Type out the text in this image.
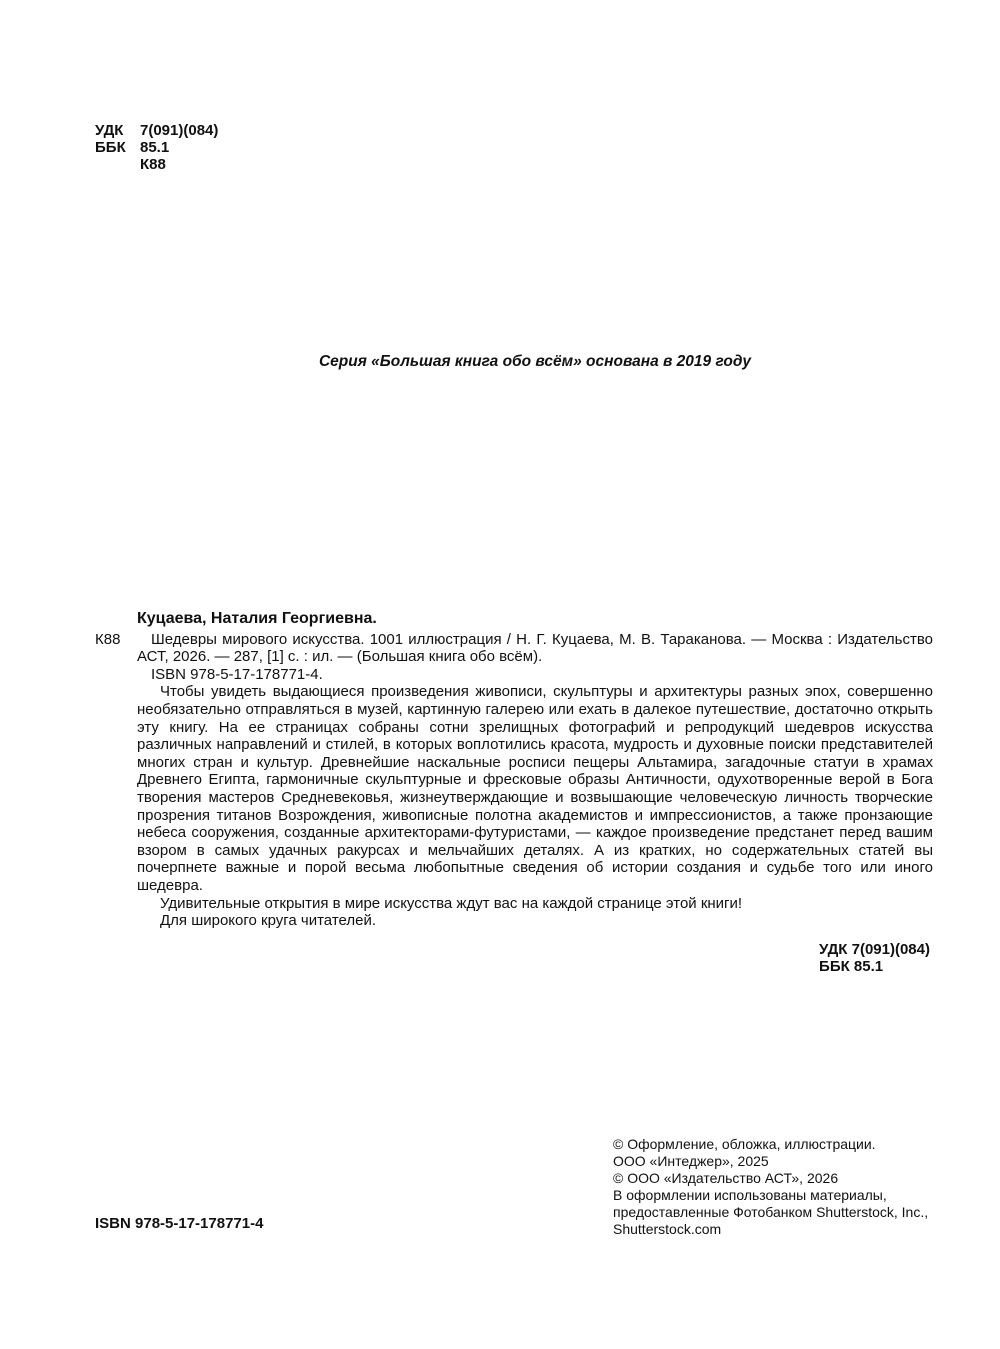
УДК	7(091)(084)
ББК 85.1
К88
Серия «Большая книга обо всём» основана в 2019 году
Куцаева, Наталия Георгиевна.
К88	Шедевры мирового искусства. 1001 иллюстрация / Н. Г. Куцаева, М. В. Тараканова. — Москва : Издательство АСТ, 2026. — 287, [1] с. : ил. — (Большая книга обо всём).
ISBN 978-5-17-178771-4.

Чтобы увидеть выдающиеся произведения живописи, скульптуры и архитектуры разных эпох, совершенно необязательно отправляться в музей, картинную галерею или ехать в далекое путешествие, достаточно открыть эту книгу. На ее страницах собраны сотни зрелищных фотографий и репродукций шедевров искусства различных направлений и стилей, в которых воплотились красота, мудрость и духовные поиски представителей многих стран и культур. Древнейшие наскальные росписи пещеры Альтамира, загадочные статуи в храмах Древнего Египта, гармоничные скульптурные и фресковые образы Античности, одухотворенные верой в Бога творения мастеров Средневековья, жизнеутверждающие и возвышающие человеческую личность творческие прозрения титанов Возрождения, живописные полотна академистов и импрессионистов, а также пронзающие небеса сооружения, созданные архитекторами-футуристами, — каждое произведение предстанет перед вашим взором в самых удачных ракурсах и мельчайших деталях. А из кратких, но содержательных статей вы почерпнете важные и порой весьма любопытные сведения об истории создания и судьбе того или иного шедевра.

Удивительные открытия в мире искусства ждут вас на каждой странице этой книги!

Для широкого круга читателей.

УДК 7(091)(084)
ББК 85.1
© Оформление, обложка, иллюстрации.
ООО «Интеджер», 2025
© ООО «Издательство АСТ», 2026
В оформлении использованы материалы,
предоставленные Фотобанком Shutterstock, Inc.,
Shutterstock.com
ISBN 978-5-17-178771-4
